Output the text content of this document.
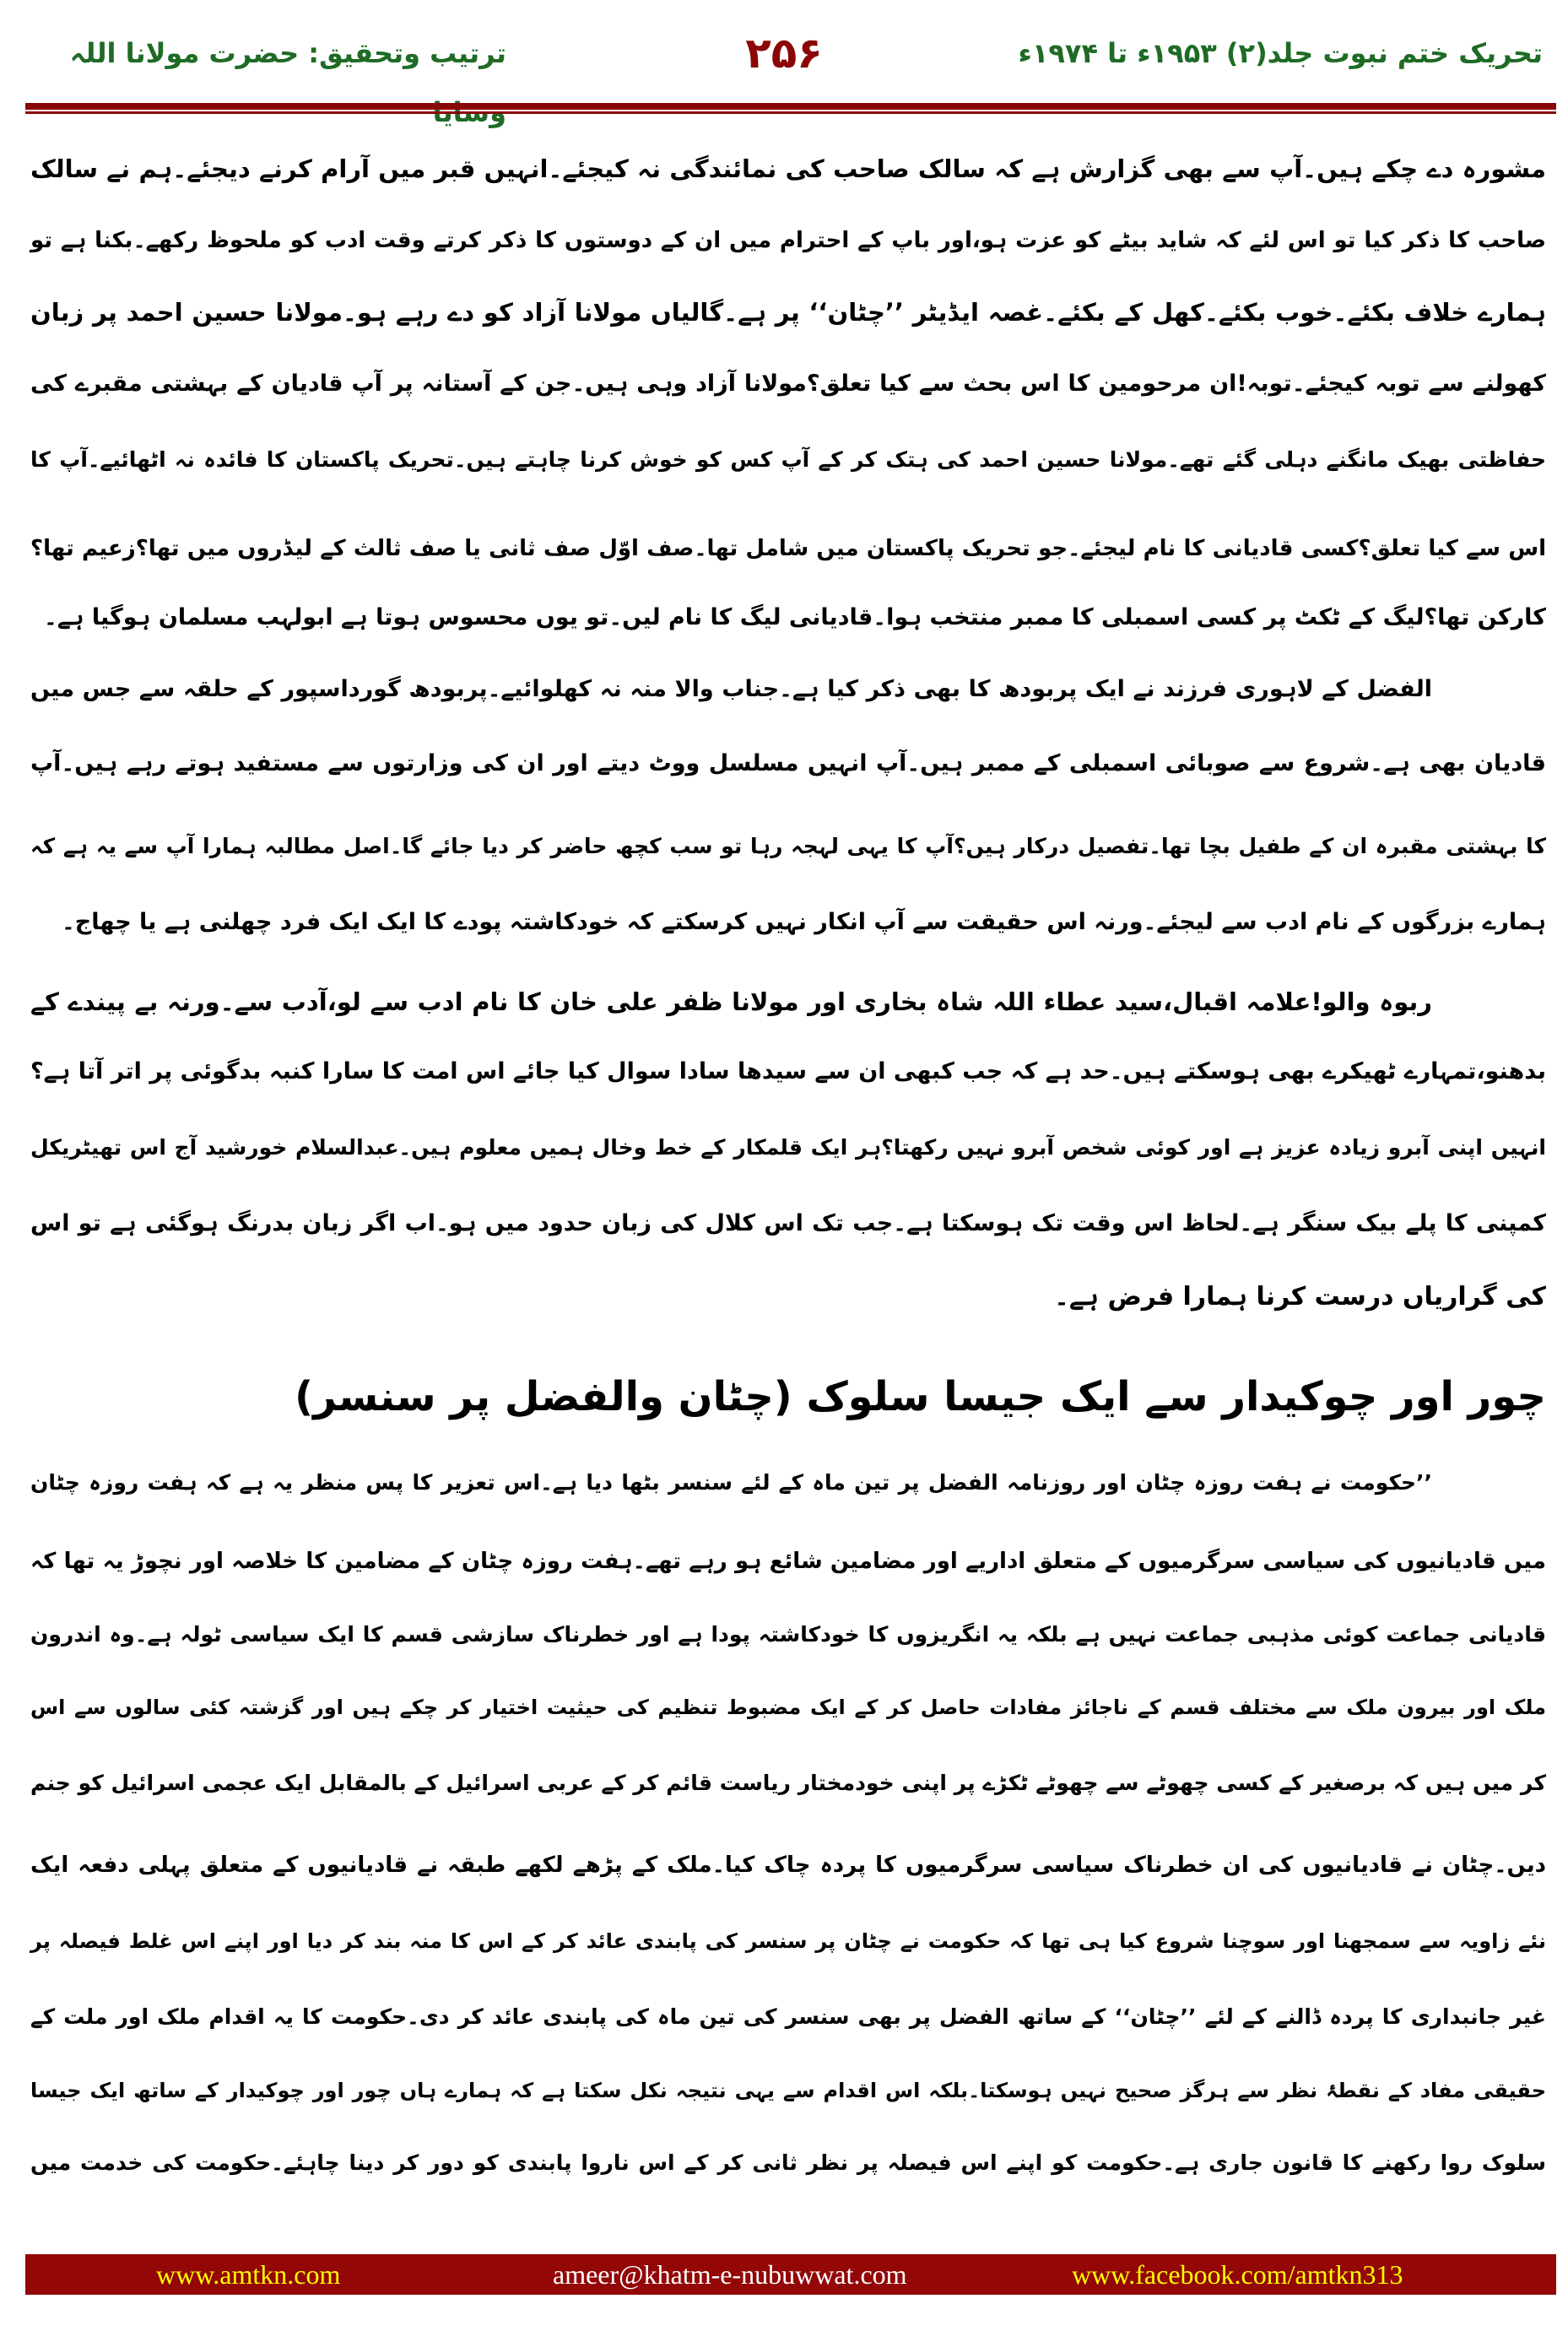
تحریک ختم نبوت جلد(۲) ۱۹۵۳ء تا ۱۹۷۴ء
۲۵۶
ترتیب وتحقیق: حضرت مولانا اللہ
مشورہ دے چکے ہیں۔آپ سے بھی گزارش ہے کہ سالک صاحب کی نمائندگی نہ کیجئے۔انہیں قبر میں آرام کرنے دیجئے۔ہم نے سالک
صاحب کا ذکر کیا تو اس لئے کہ شاید بیٹے کو عزت ہو،اور باپ کے احترام میں ان کے دوستوں کا ذکر کرتے وقت ادب کو ملحوظ رکھے۔بکنا ہے تو
ہمارے خلاف بکئے۔خوب بکئے۔کھل کے بکئے۔غصہ ایڈیٹر ’’چٹان‘‘ پر ہے۔گالیاں مولانا آزاد کو دے رہے ہو۔مولانا حسین احمد پر زبان
کھولنے سے توبہ کیجئے۔توبہ!ان مرحومین کا اس بحث سے کیا تعلق؟مولانا آزاد وہی ہیں۔جن کے آستانہ پر آپ قادیان کے بہشتی مقبرے کی
حفاظتی بھیک مانگنے دہلی گئے تھے۔مولانا حسین احمد کی ہتک کر کے آپ کس کو خوش کرنا چاہتے ہیں۔تحریک پاکستان کا فائدہ نہ اٹھائیے۔آپ کا
اس سے کیا تعلق؟کسی قادیانی کا نام لیجئے۔جو تحریک پاکستان میں شامل تھا۔صف اوّل صف ثانی یا صف ثالث کے لیڈروں میں تھا؟زعیم تھا؟
کارکن تھا؟لیگ کے ٹکٹ پر کسی اسمبلی کا ممبر منتخب ہوا۔قادیانی لیگ کا نام لیں۔تو یوں محسوس ہوتا ہے ابولہب مسلمان ہوگیا ہے۔
الفضل کے لاہوری فرزند نے ایک پربودھ کا بھی ذکر کیا ہے۔جناب والا منہ نہ کھلوائیے۔پربودھ گورداسپور کے حلقہ سے جس میں
قادیان بھی ہے۔شروع سے صوبائی اسمبلی کے ممبر ہیں۔آپ انہیں مسلسل ووٹ دیتے اور ان کی وزارتوں سے مستفید ہوتے رہے ہیں۔آپ
کا بہشتی مقبرہ ان کے طفیل بچا تھا۔تفصیل درکار ہیں؟آپ کا یہی لہجہ رہا تو سب کچھ حاضر کر دیا جائے گا۔اصل مطالبہ ہمارا آپ سے یہ ہے کہ
ہمارے بزرگوں کے نام ادب سے لیجئے۔ورنہ اس حقیقت سے آپ انکار نہیں کرسکتے کہ خودکاشتہ پودے کا ایک ایک فرد چھلنی ہے یا چھاج۔
ربوہ والو!علامہ اقبال،سید عطاء اللہ شاہ بخاری اور مولانا ظفر علی خان کا نام ادب سے لو،آدب سے۔ورنہ بے پیندے کے
بدھنو،تمہارے ٹھیکرے بھی ہوسکتے ہیں۔حد ہے کہ جب کبھی ان سے سیدھا سادا سوال کیا جائے اس امت کا سارا کنبہ بدگوئی پر اتر آتا ہے؟
انہیں اپنی آبرو زیادہ عزیز ہے اور کوئی شخص آبرو نہیں رکھتا؟ہر ایک قلمکار کے خط وخال ہمیں معلوم ہیں۔عبدالسلام خورشید آج اس تھیٹریکل
کمپنی کا پلے بیک سنگر ہے۔لحاظ اس وقت تک ہوسکتا ہے۔جب تک اس کلال کی زبان حدود میں ہو۔اب اگر زبان بدرنگ ہوگئی ہے تو اس
کی گراریاں درست کرنا ہمارا فرض ہے۔
’’حکومت نے ہفت روزہ چٹان اور روزنامہ الفضل پر تین ماہ کے لئے سنسر بٹھا دیا ہے۔اس تعزیر کا پس منظر یہ ہے کہ ہفت روزہ چٹان
میں قادیانیوں کی سیاسی سرگرمیوں کے متعلق اداریے اور مضامین شائع ہو رہے تھے۔ہفت روزہ چٹان کے مضامین کا خلاصہ اور نچوڑ یہ تھا کہ
قادیانی جماعت کوئی مذہبی جماعت نہیں ہے بلکہ یہ انگریزوں کا خودکاشتہ پودا ہے اور خطرناک سازشی قسم کا ایک سیاسی ٹولہ ہے۔وہ اندرون
ملک اور بیرون ملک سے مختلف قسم کے ناجائز مفادات حاصل کر کے ایک مضبوط تنظیم کی حیثیت اختیار کر چکے ہیں اور گزشتہ کئی سالوں سے اس
کر میں ہیں کہ برصغیر کے کسی چھوٹے سے چھوٹے ٹکڑے پر اپنی خودمختار ریاست قائم کر کے عربی اسرائیل کے بالمقابل ایک عجمی اسرائیل کو جنم
دیں۔چٹان نے قادیانیوں کی ان خطرناک سیاسی سرگرمیوں کا پردہ چاک کیا۔ملک کے پڑھے لکھے طبقہ نے قادیانیوں کے متعلق پہلی دفعہ ایک
نئے زاویہ سے سمجھنا اور سوچنا شروع کیا ہی تھا کہ حکومت نے چٹان پر سنسر کی پابندی عائد کر کے اس کا منہ بند کر دیا اور اپنے اس غلط فیصلہ پر
غیر جانبداری کا پردہ ڈالنے کے لئے ’’چٹان‘‘ کے ساتھ الفضل پر بھی سنسر کی تین ماہ کی پابندی عائد کر دی۔حکومت کا یہ اقدام ملک اور ملت کے
حقیقی مفاد کے نقطۂ نظر سے ہرگز صحیح نہیں ہوسکتا۔بلکہ اس اقدام سے یہی نتیجہ نکل سکتا ہے کہ ہمارے ہاں چور اور چوکیدار کے ساتھ ایک جیسا
سلوک روا رکھنے کا قانون جاری ہے۔حکومت کو اپنے اس فیصلہ پر نظر ثانی کر کے اس ناروا پابندی کو دور کر دینا چاہئے۔حکومت کی خدمت میں
چور اور چوکیدار سے ایک جیسا سلوک (چٹان والفضل پر سنسر)
www.amtkn.com	ameer@khatm-e-nubuwwat.com	www.facebook.com/amtkn313
